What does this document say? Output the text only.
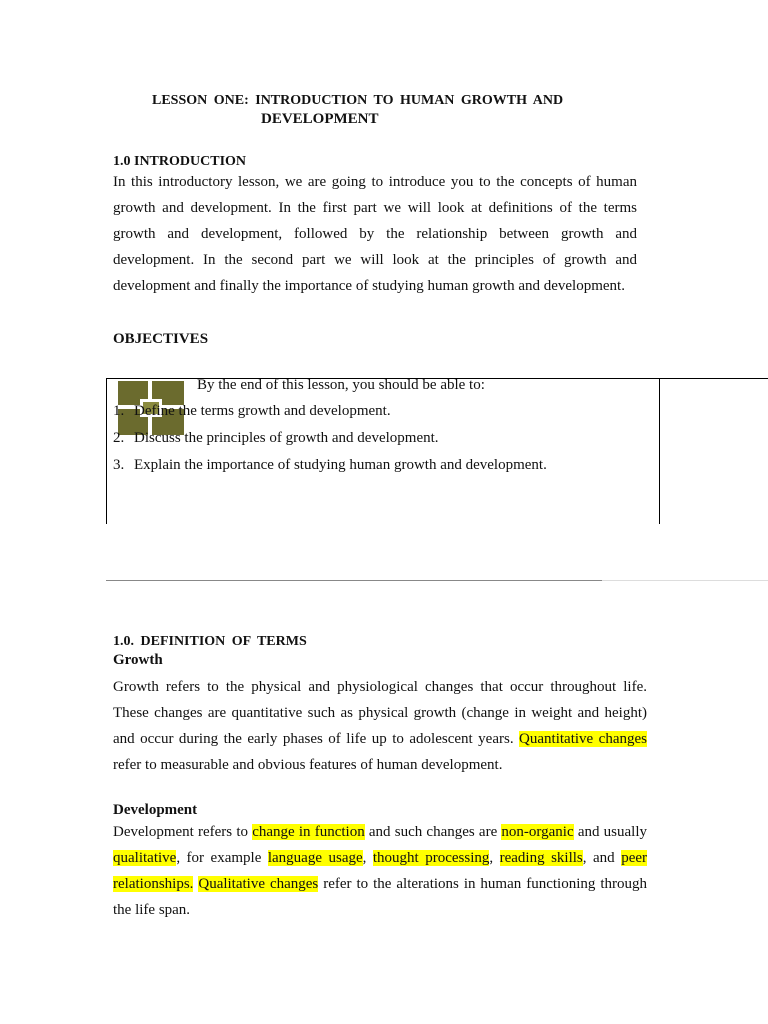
LESSON ONE: INTRODUCTION TO HUMAN GROWTH AND
DEVELOPMENT
1.0 INTRODUCTION
In this introductory lesson, we are going to introduce you to the concepts of human growth and development. In the first part we will look at definitions of the terms growth and development, followed by the relationship between growth and development. In the second part we will look at the principles of growth and development and finally the importance of studying human growth and development.
OBJECTIVES
By the end of this lesson, you should be able to:
1. Define the terms growth and development.
2. Discuss the principles of growth and development.
3. Explain the importance of studying human growth and development.
1.0. DEFINITION OF TERMS
Growth
Growth refers to the physical and physiological changes that occur throughout life. These changes are quantitative such as physical growth (change in weight and height) and occur during the early phases of life up to adolescent years. Quantitative changes refer to measurable and obvious features of human development.
Development
Development refers to change in function and such changes are non-organic and usually qualitative, for example language usage, thought processing, reading skills, and peer relationships. Qualitative changes refer to the alterations in human functioning through the life span.
